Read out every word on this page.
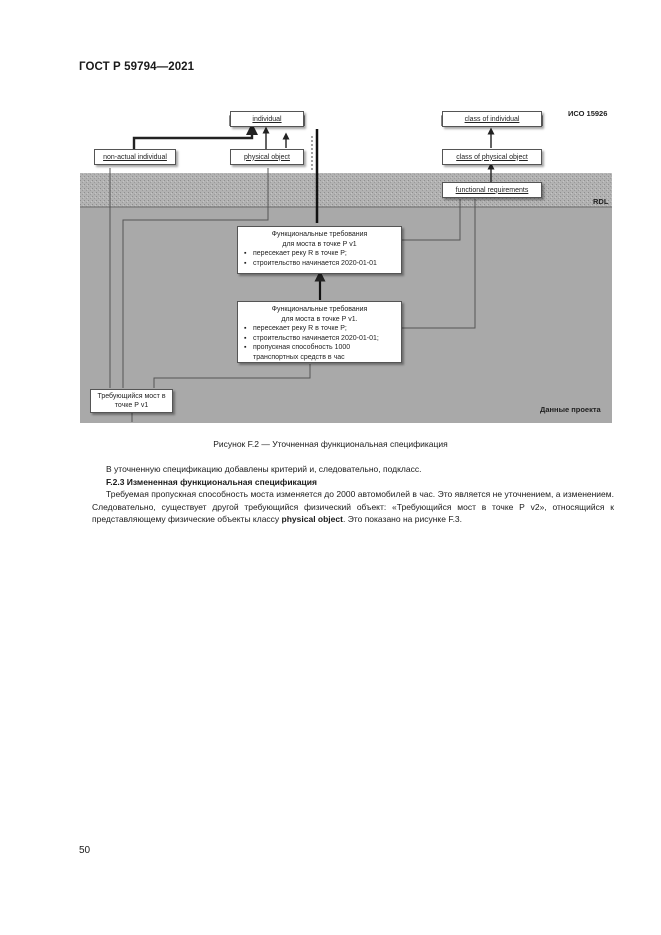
ГОСТ Р 59794—2021
ИСО 15926
RDL
Данные проекта
individual
non-actual individual	physical object
class of individual
class of physical object
functional requirements
Функциональные требования
для моста в точке Р v1
▪ пересекает реку R в точке Р;
▪ строительство начинается 2020-01-01
Функциональные требования
для моста в точке Р v1.
▪ пересекает реку R в точке Р;
▪ строительство начинается 2020-01-01;
▪ пропускная способность 1000 транспортных средств в час
Требующийся мост в точке Р v1
Рисунок F.2 — Уточненная функциональная спецификация

В уточненную спецификацию добавлены критерий и, следовательно, подкласс.

F.2.3 Измененная функциональная спецификация

Требуемая пропускная способность моста изменяется до 2000 автомобилей в час. Это является не уточнением, а изменением. Следовательно, существует другой требующийся физический объект: «Требующийся мост в точке Р v2», относящийся к представляющему физические объекты классу physical object. Это показано на рисунке F.3.

50
